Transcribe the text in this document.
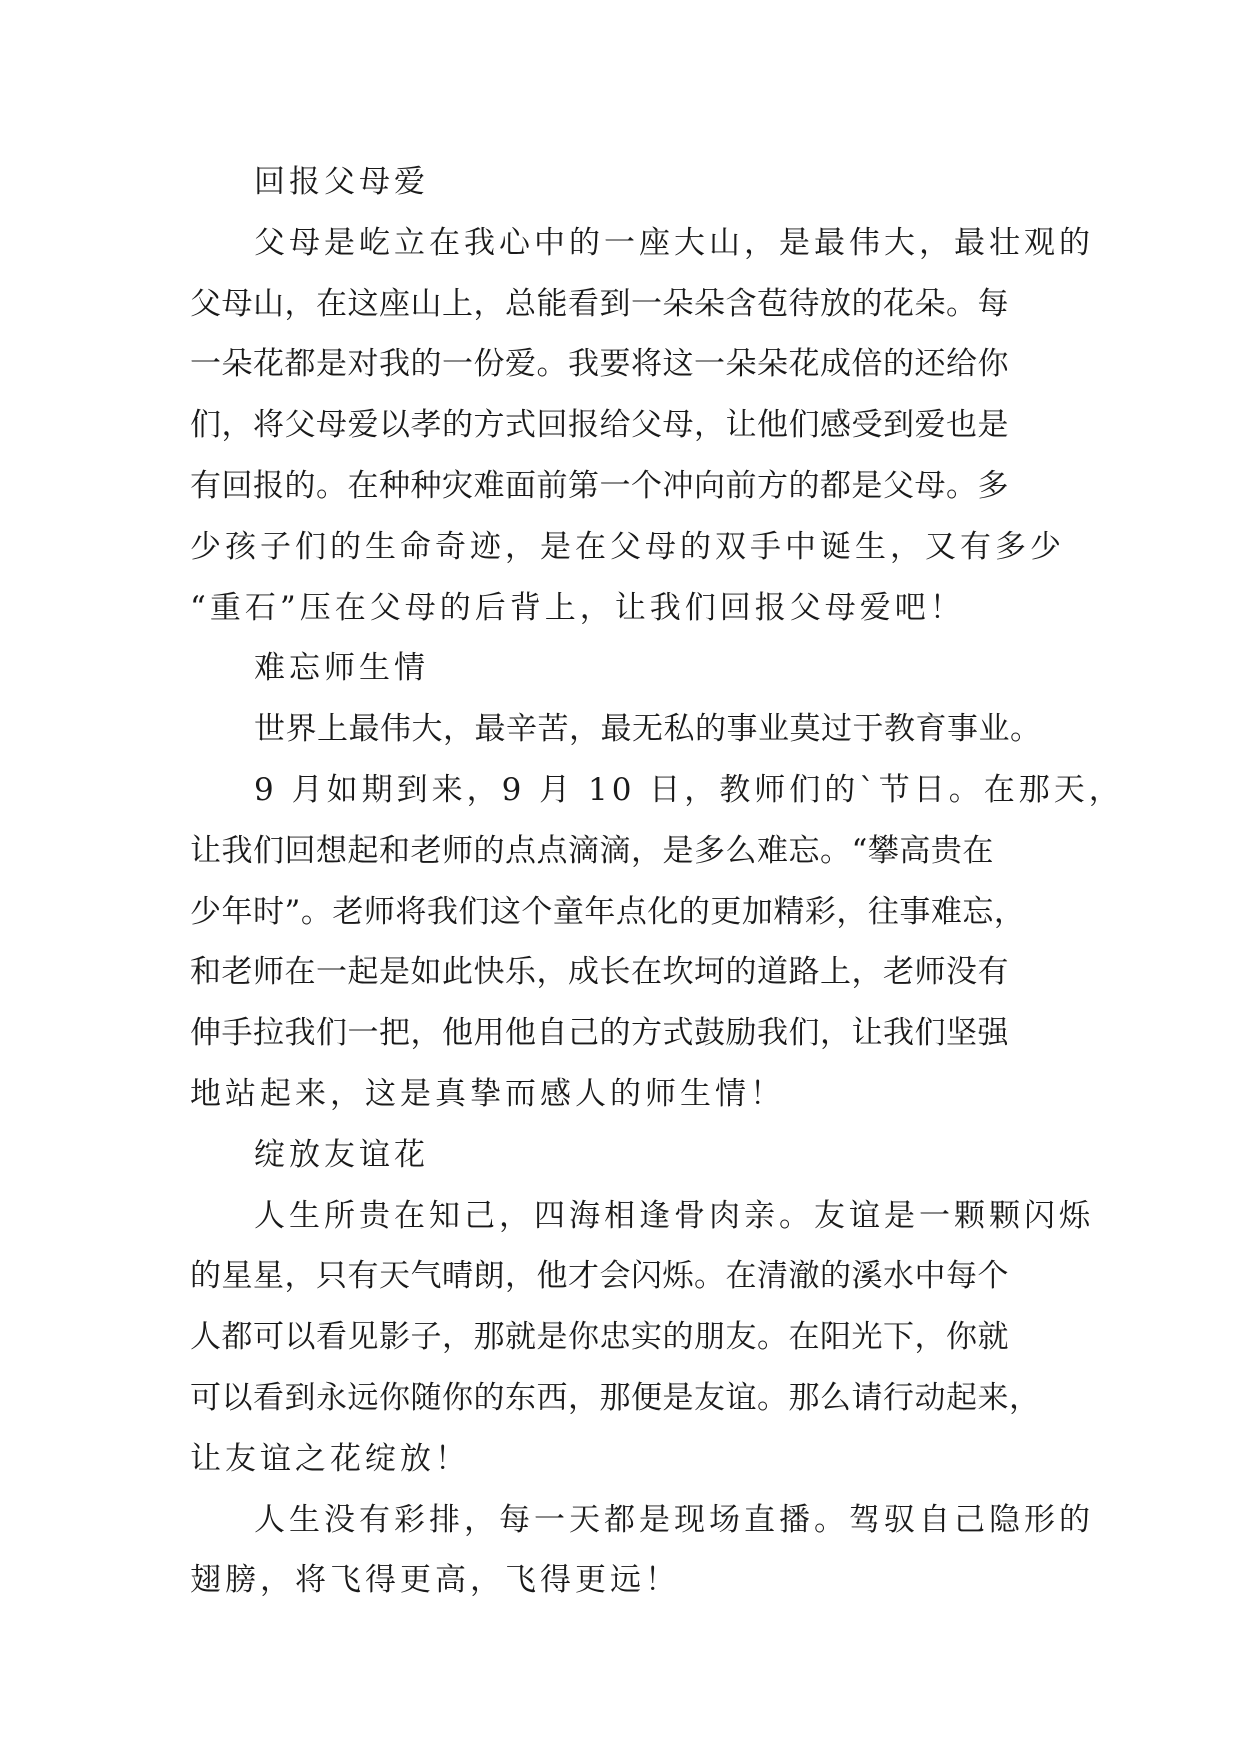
回报父母爱

父母是屹立在我心中的一座大山，是最伟大，最壮观的

父母山，在这座山上，总能看到一朵朵含苞待放的花朵。每

一朵花都是对我的一份爱。我要将这一朵朵花成倍的还给你

们，将父母爱以孝的方式回报给父母，让他们感受到爱也是

有回报的。在种种灾难面前第一个冲向前方的都是父母。多

少孩子们的生命奇迹，是在父母的双手中诞生，又有多少

“重石”压在父母的后背上，让我们回报父母爱吧！

难忘师生情

世界上最伟大，最辛苦，最无私的事业莫过于教育事业。

9 月如期到来，9 月 10 日，教师们的`节日。在那天，

让我们回想起和老师的点点滴滴，是多么难忘。“攀高贵在

少年时”。老师将我们这个童年点化的更加精彩，往事难忘，

和老师在一起是如此快乐，成长在坎坷的道路上，老师没有

伸手拉我们一把，他用他自己的方式鼓励我们，让我们坚强

地站起来，这是真挚而感人的师生情！

绽放友谊花

人生所贵在知己，四海相逢骨肉亲。友谊是一颗颗闪烁

的星星，只有天气晴朗，他才会闪烁。在清澈的溪水中每个

人都可以看见影子，那就是你忠实的朋友。在阳光下，你就

可以看到永远你随你的东西，那便是友谊。那么请行动起来，

让友谊之花绽放！

人生没有彩排，每一天都是现场直播。驾驭自己隐形的

翅膀，将飞得更高，飞得更远！
